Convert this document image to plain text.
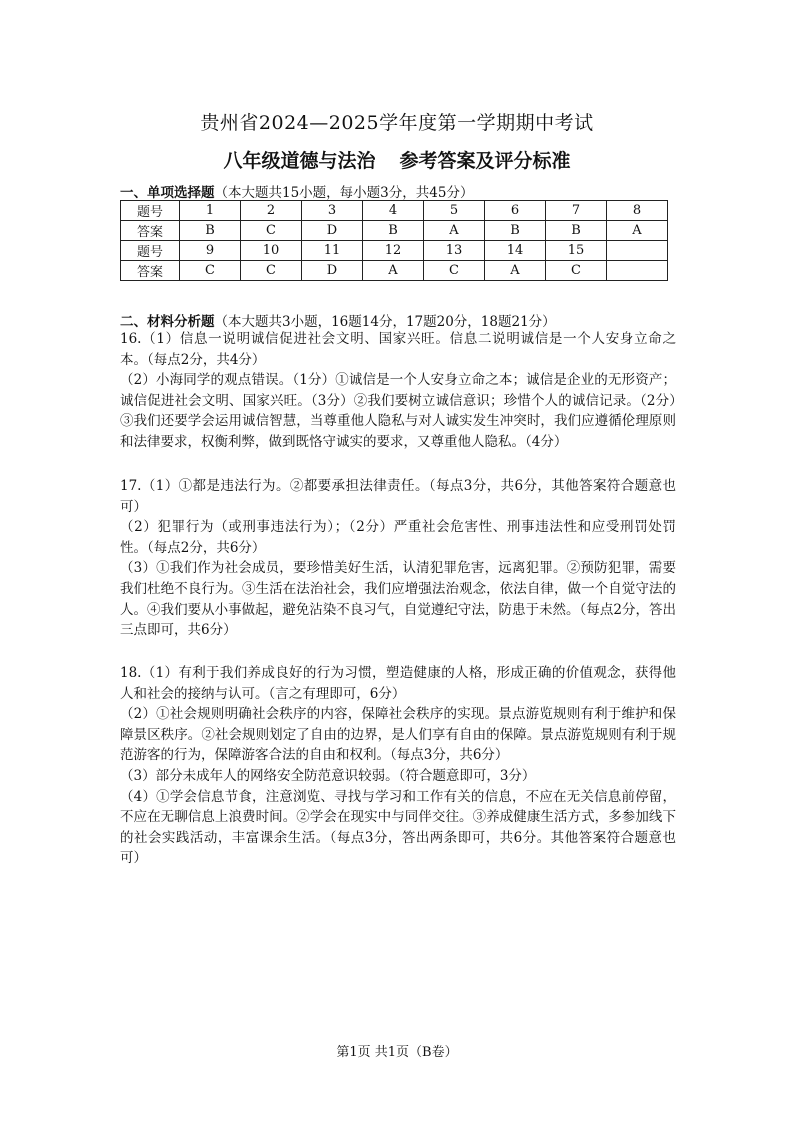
贵州省2024—2025学年度第一学期期中考试
八年级道德与法治 参考答案及评分标准
一、单项选择题（本大题共15小题，每小题3分，共45分）
题号	1	2	3	4	5	6	7	8
答案	B	C	D	B	A	B	B	A
题号	9	10	11	12	13	14	15	
答案	C	C	D	A	C	A	C	
二、材料分析题（本大题共3小题，16题14分，17题20分，18题21分）

16.（1）信息一说明诚信促进社会文明、国家兴旺。信息二说明诚信是一个人安身立命之本。（每点2分，共4分）

（2）小海同学的观点错误。（1分）①诚信是一个人安身立命之本；诚信是企业的无形资产；诚信促进社会文明、国家兴旺。（3分）②我们要树立诚信意识；珍惜个人的诚信记录。（2分）③我们还要学会运用诚信智慧，当尊重他人隐私与对人诚实发生冲突时，我们应遵循伦理原则和法律要求，权衡利弊，做到既恪守诚实的要求，又尊重他人隐私。（4分）

17.（1）①都是违法行为。②都要承担法律责任。（每点3分，共6分，其他答案符合题意也可）

（2）犯罪行为（或刑事违法行为）；（2分）严重社会危害性、刑事违法性和应受刑罚处罚性。（每点2分，共6分）

（3）①我们作为社会成员，要珍惜美好生活，认清犯罪危害，远离犯罪。②预防犯罪，需要我们杜绝不良行为。③生活在法治社会，我们应增强法治观念，依法自律，做一个自觉守法的人。④我们要从小事做起，避免沾染不良习气，自觉遵纪守法，防患于未然。（每点2分，答出三点即可，共6分）

18.（1）有利于我们养成良好的行为习惯，塑造健康的人格，形成正确的价值观念，获得他人和社会的接纳与认可。（言之有理即可，6分）

（2）①社会规则明确社会秩序的内容，保障社会秩序的实现。景点游览规则有利于维护和保障景区秩序。②社会规则划定了自由的边界，是人们享有自由的保障。景点游览规则有利于规范游客的行为，保障游客合法的自由和权利。（每点3分，共6分）

（3）部分未成年人的网络安全防范意识较弱。（符合题意即可，3分）

（4）①学会信息节食，注意浏览、寻找与学习和工作有关的信息，不应在无关信息前停留，不应在无聊信息上浪费时间。②学会在现实中与同伴交往。③养成健康生活方式，多参加线下的社会实践活动，丰富课余生活。（每点3分，答出两条即可，共6分。其他答案符合题意也可）

第1页 共1页（B卷）
